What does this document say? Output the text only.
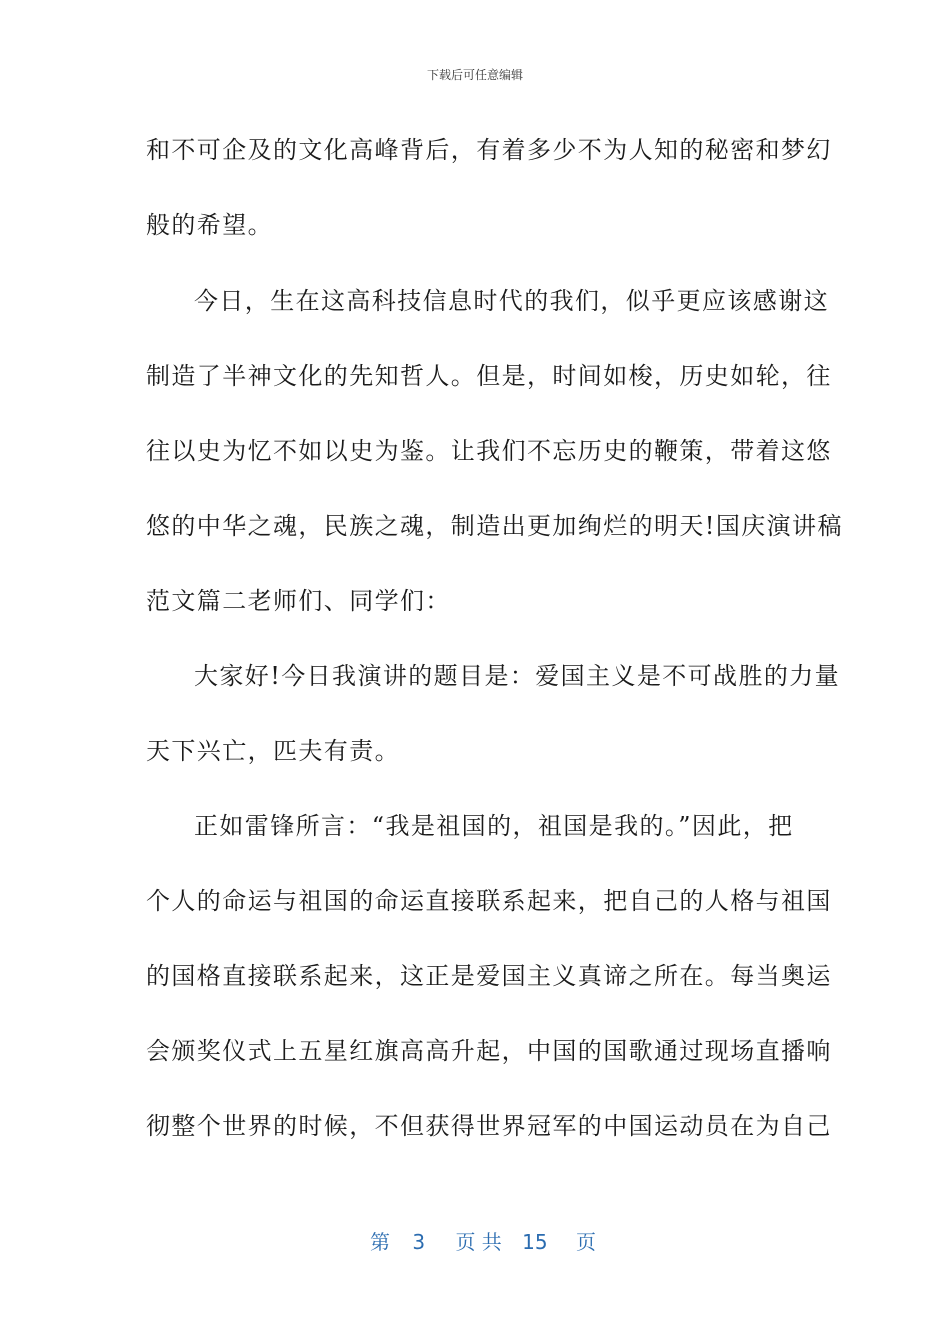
下载后可任意编辑
和不可企及的文化高峰背后，有着多少不为人知的秘密和梦幻
般的希望。
今日，生在这高科技信息时代的我们，似乎更应该感谢这
制造了半神文化的先知哲人。但是，时间如梭，历史如轮，往
往以史为忆不如以史为鉴。让我们不忘历史的鞭策，带着这悠
悠的中华之魂，民族之魂，制造出更加绚烂的明天!国庆演讲稿
范文篇二老师们、同学们：
大家好!今日我演讲的题目是：爱国主义是不可战胜的力量
天下兴亡，匹夫有责。
正如雷锋所言：“我是祖国的，祖国是我的。”因此，把
个人的命运与祖国的命运直接联系起来，把自己的人格与祖国
的国格直接联系起来，这正是爱国主义真谛之所在。每当奥运
会颁奖仪式上五星红旗高高升起，中国的国歌通过现场直播响
彻整个世界的时候，不但获得世界冠军的中国运动员在为自己
第 3 页 共 15 页
